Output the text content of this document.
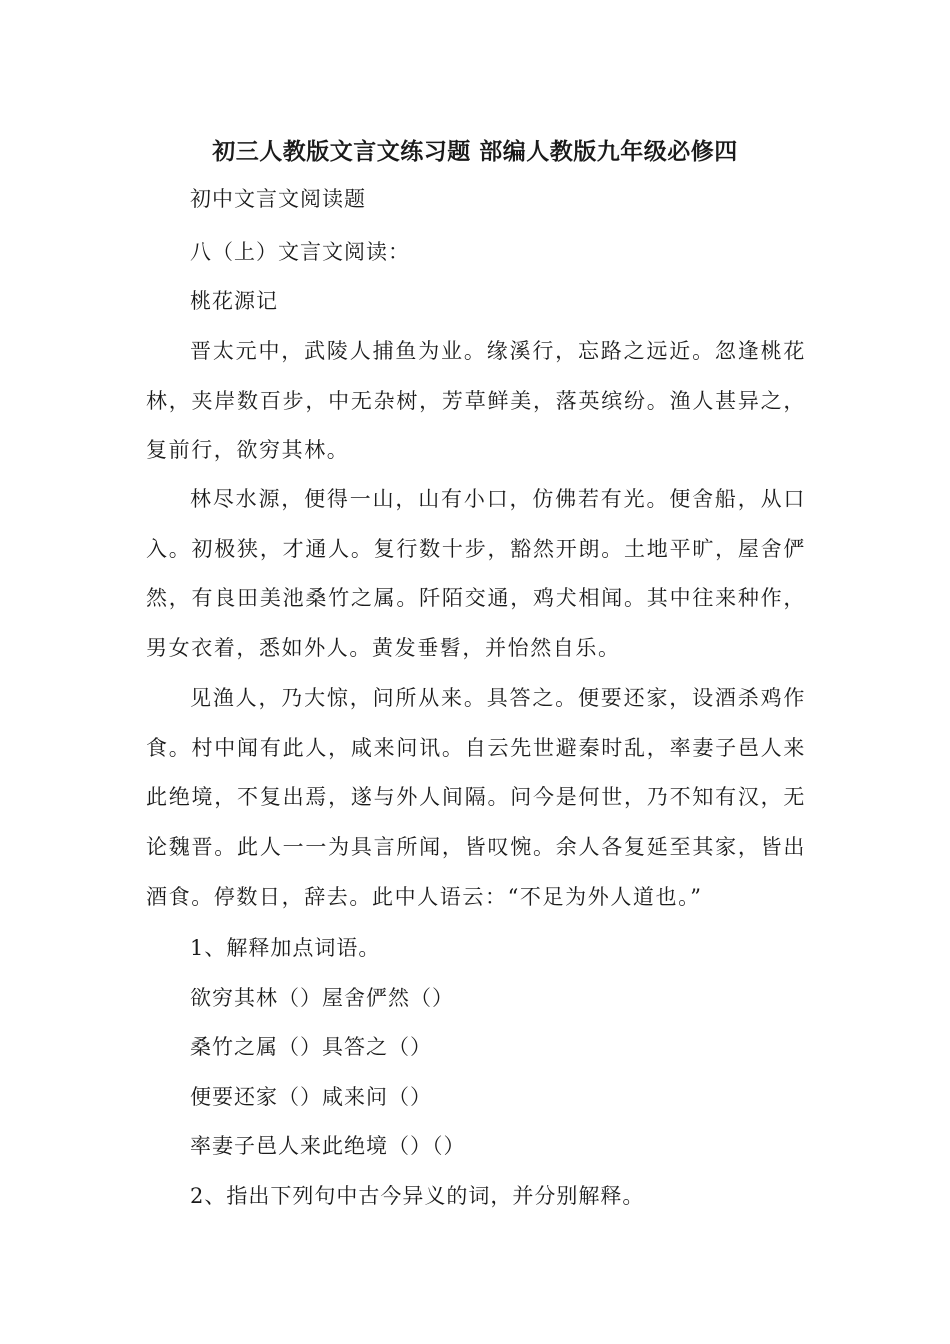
初三人教版文言文练习题 部编人教版九年级必修四
初中文言文阅读题
八（上）文言文阅读：
桃花源记

晋太元中，武陵人捕鱼为业。缘溪行，忘路之远近。忽逢桃花林，夹岸数百步，中无杂树，芳草鲜美，落英缤纷。渔人甚异之，复前行，欲穷其林。

林尽水源，便得一山，山有小口，仿佛若有光。便舍船，从口入。初极狭，才通人。复行数十步，豁然开朗。土地平旷，屋舍俨然，有良田美池桑竹之属。阡陌交通，鸡犬相闻。其中往来种作，男女衣着，悉如外人。黄发垂髫，并怡然自乐。

见渔人，乃大惊，问所从来。具答之。便要还家，设酒杀鸡作食。村中闻有此人，咸来问讯。自云先世避秦时乱，率妻子邑人来此绝境，不复出焉，遂与外人间隔。问今是何世，乃不知有汉，无论魏晋。此人一一为具言所闻，皆叹惋。余人各复延至其家，皆出酒食。停数日，辞去。此中人语云：“不足为外人道也。”

1、解释加点词语。
欲穷其林（）屋舍俨然（）
桑竹之属（）具答之（）
便要还家（）咸来问（）
率妻子邑人来此绝境（）（）
2、指出下列句中古今异义的词，并分别解释。
